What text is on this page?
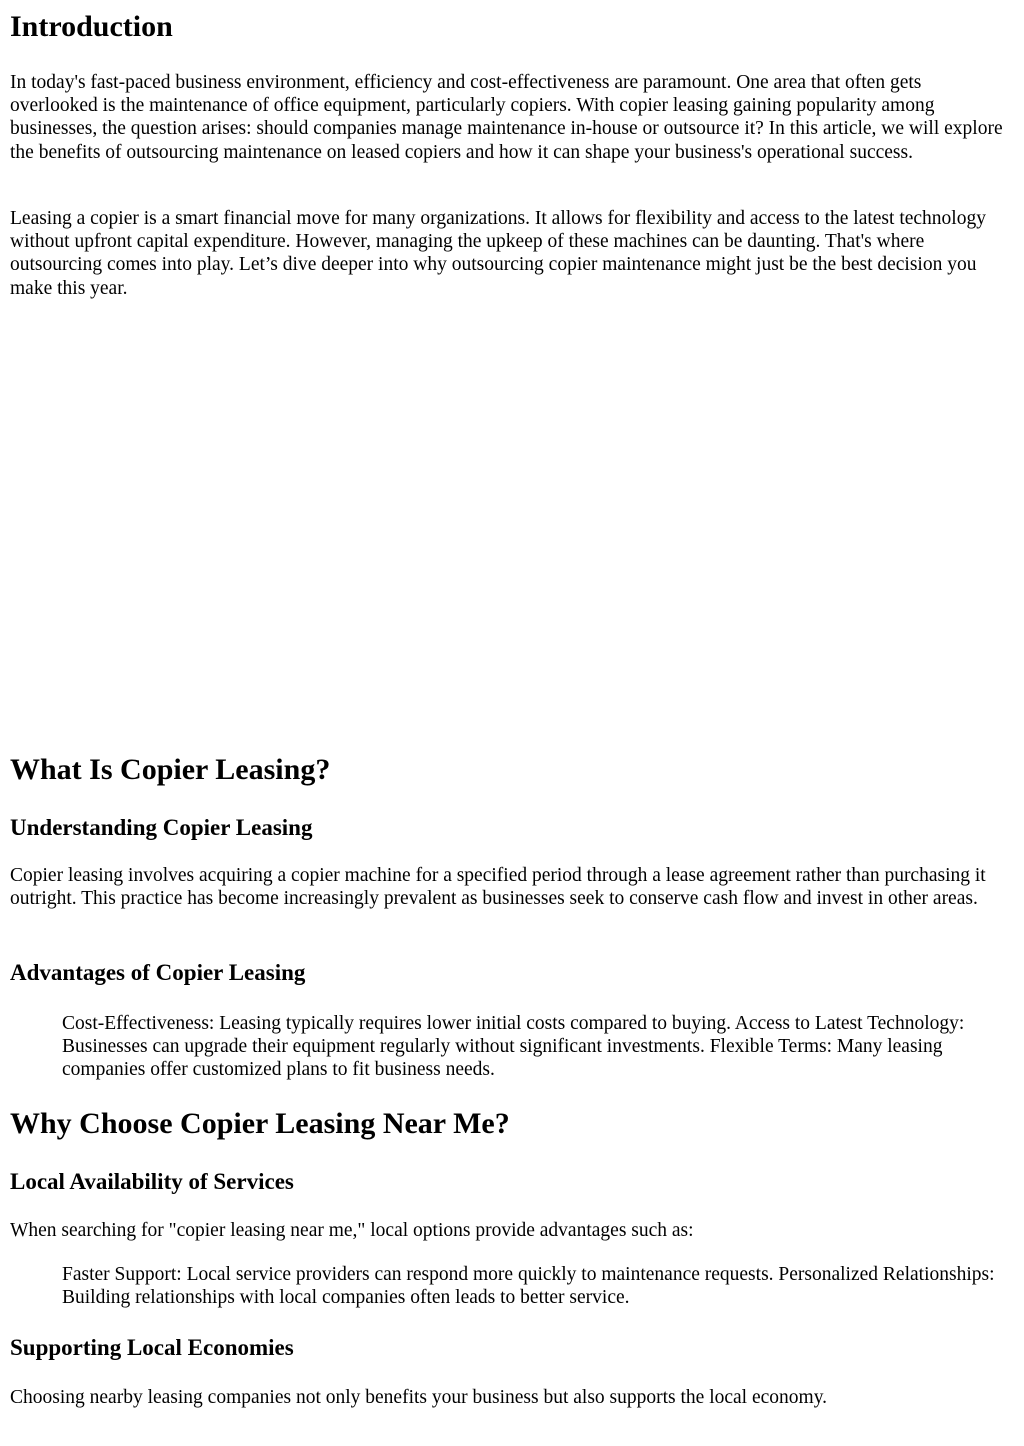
Introduction

In today's fast-paced business environment, efficiency and cost-effectiveness are paramount. One area that often gets overlooked is the maintenance of office equipment, particularly copiers. With copier leasing gaining popularity among businesses, the question arises: should companies manage maintenance in-house or outsource it? In this article, we will explore the benefits of outsourcing maintenance on leased copiers and how it can shape your business's operational success.

Leasing a copier is a smart financial move for many organizations. It allows for flexibility and access to the latest technology without upfront capital expenditure. However, managing the upkeep of these machines can be daunting. That's where outsourcing comes into play. Let’s dive deeper into why outsourcing copier maintenance might just be the best decision you make this year.

What Is Copier Leasing?
Understanding Copier Leasing

Copier leasing involves acquiring a copier machine for a specified period through a lease agreement rather than purchasing it outright. This practice has become increasingly prevalent as businesses seek to conserve cash flow and invest in other areas.

Advantages of Copier Leasing
Cost-Effectiveness: Leasing typically requires lower initial costs compared to buying. Access to Latest Technology: Businesses can upgrade their equipment regularly without significant investments. Flexible Terms: Many leasing companies offer customized plans to fit business needs.
Why Choose Copier Leasing Near Me?
Local Availability of Services

When searching for "copier leasing near me," local options provide advantages such as:

Faster Support: Local service providers can respond more quickly to maintenance requests. Personalized Relationships: Building relationships with local companies often leads to better service.
Supporting Local Economies

Choosing nearby leasing companies not only benefits your business but also supports the local economy.
